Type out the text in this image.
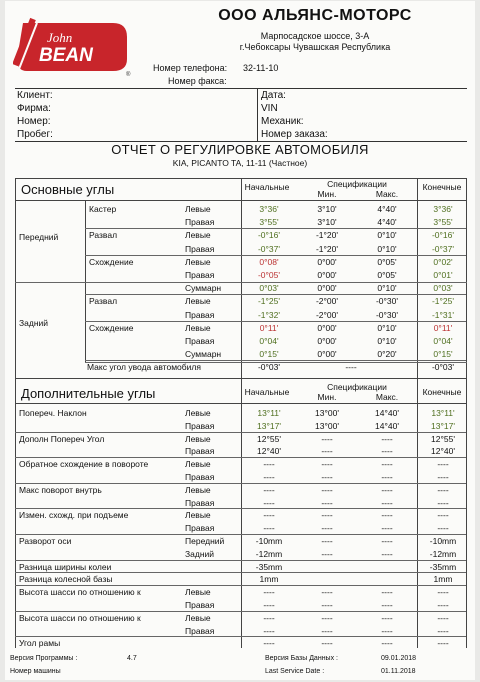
John
BEAN
®
ООО АЛЬЯНС-МОТОРС
Марпосадское шоссе, 3-А
г.Чебоксары Чувашская Республика
Номер телефона: 32-11-10
Номер факса:
Клиент:
Фирма:
Номер:
Пробег:
Дата:
VIN
Механик:
Номер заказа:
ОТЧЕТ О РЕГУЛИРОВКЕ АВТОМОБИЛЯ
KIA, PICANTO TA, 11-11 (Частное)
Основные углы
Дополнительные углы
Начальные	Спецификации
Мин.	Макс.
Конечные
Начальные	Спецификации
Мин.	Макс.	Конечные
Передний
Кастер	Левые	3°36'	3°10'	4°40'	3°36'
Правая	3°55'	3°10'	4°40'	3°55'
Развал	Левые	-0°16'	-1°20'	0°10'	-0°16'
Правая	-0°37'	-1°20'	0°10'	-0°37'
Схождение	Левые	0°08'	0°00'	0°05'	0°02'
Правая	-0°05'	0°00'	0°05'	0°01'
Суммарн	0°03'	0°00'	0°10'	0°03'
Задний
Развал	Левые	-1°25'	-2°00'	-0°30'	-1°25'
Правая	-1°32'	-2°00'	-0°30'	-1°31'
Схождение	Левые	0°11'	0°00'	0°10'	0°11'
Правая	0°04'	0°00'	0°10'	0°04'
Суммарн	0°15'	0°00'	0°20'	0°15'
Макс угол увода автомобиля	-0°03'	----	-0°03'
Попереч. Наклон	Левые	13°11'	13°00'	14°40'	13°11'
Правая	13°17'	13°00'	14°40'	13°17'
Дополн Попереч Угол	Левые	12°55'	----	----	12°55'
Правая	12°40'	----	----	12°40'
Обратное схождение в повороте	Левые	----	----	----	----
Правая	----	----	----	----
Макс поворот внутрь	Левые	----	----	----	----
Правая	----	----	----	----
Измен. схожд. при подъеме	Левые	----	----	----	----
Правая	----	----	----	----
Разворот оси	Передний	-10mm	----	----	-10mm
Задний	-12mm	----	----	-12mm
Разница ширины колеи	-35mm	-35mm
Разница колесной базы	1mm	1mm
Высота шасси по отношению к	Левые	----	----	----	----
Правая	----	----	----	----
Высота шасси по отношению к	Левые	----	----	----	----
Правая	----	----	----	----
Угол рамы	----	----	----	----
Версия Программы :	4.7	Версия Базы Данных :	09.01.2018
Номер машины	Last Service Date :	01.11.2018
